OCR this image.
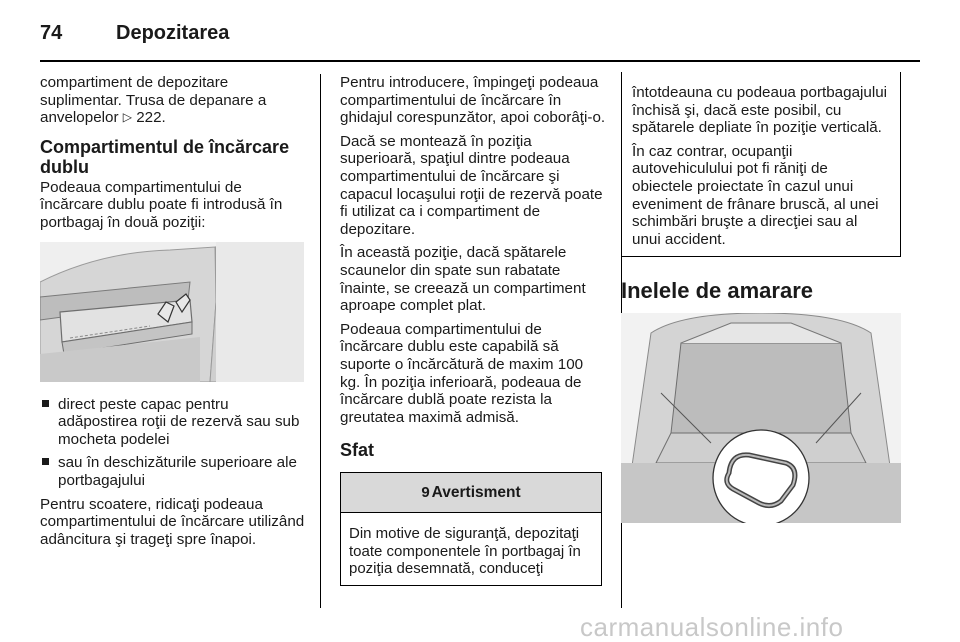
74	Depozitarea

compartiment de depozitare suplimentar. Trusa de depanare a anvelopelor ▷ 222.

Compartimentul de încărcare dublu

Podeaua compartimentului de încărcare dublu poate fi introdusă în portbagaj în două poziţii:

direct peste capac pentru adăpostirea roţii de rezervă sau sub mocheta podelei
sau în deschizăturile superioare ale portbagajului

Pentru scoatere, ridicaţi podeaua compartimentului de încărcare utilizând adâncitura şi trageţi spre înapoi.

Pentru introducere, împingeţi podeaua compartimentului de încărcare în ghidajul corespunzător, apoi coborâţi-o.

Dacă se montează în poziţia superioară, spaţiul dintre podeaua compartimentului de încărcare şi capacul locaşului roţii de rezervă poate fi utilizat ca i compartiment de depozitare.

În această poziţie, dacă spătarele scaunelor din spate sun rabatate înainte, se creează un compartiment aproape complet plat.

Podeaua compartimentului de încărcare dublu este capabilă să suporte o încărcătură de maxim 100 kg. În poziţia inferioară, podeaua de încărcare dublă poate rezista la greutatea maximă admisă.

Sfat
9 Avertisment
Din motive de siguranţă, depozitaţi toate componentele în portbagaj în poziţia desemnată, conduceţi

întotdeauna cu podeaua portbagajului închisă şi, dacă este posibil, cu spătarele depliate în poziţie verticală.

În caz contrar, ocupanţii autovehiculului pot fi răniţi de obiectele proiectate în cazul unui eveniment de frânare bruscă, al unei schimbări bruşte a direcţiei sau al unui accident.

Inelele de amarare
carmanualsonline.info
